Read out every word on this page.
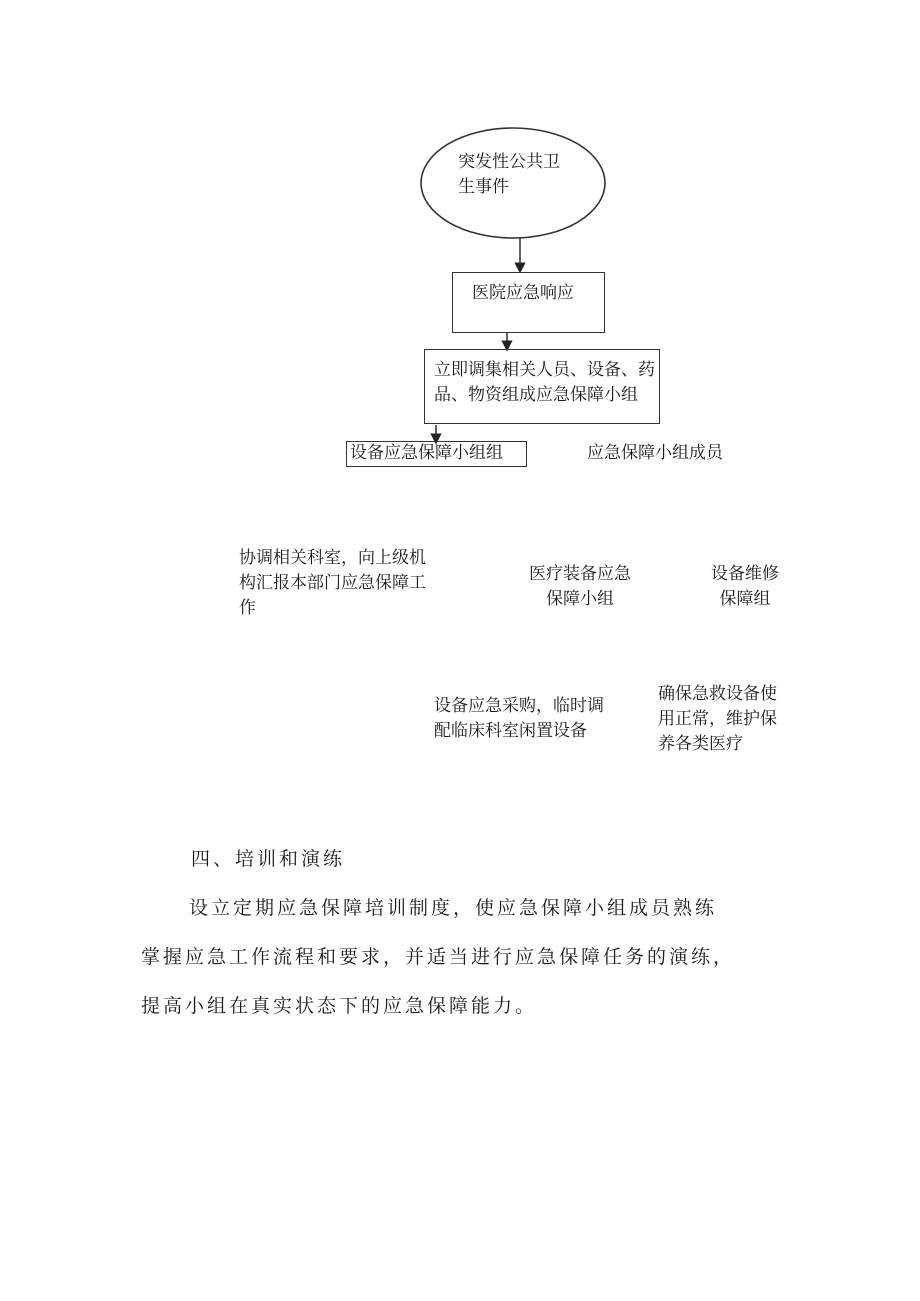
突发性公共卫
生事件
医院应急响应
立即调集相关人员、设备、药
品、物资组成应急保障小组
设备应急保障小组组	应急保障小组成员
协调相关科室，向上级机
构汇报本部门应急保障工
作
医疗装备应急
保障小组
设备维修
保障组
设备应急采购，临时调
配临床科室闲置设备
确保急救设备使
用正常，维护保
养各类医疗
四、培训和演练
设立定期应急保障培训制度，使应急保障小组成员熟练
掌握应急工作流程和要求，并适当进行应急保障任务的演练，
提高小组在真实状态下的应急保障能力。
